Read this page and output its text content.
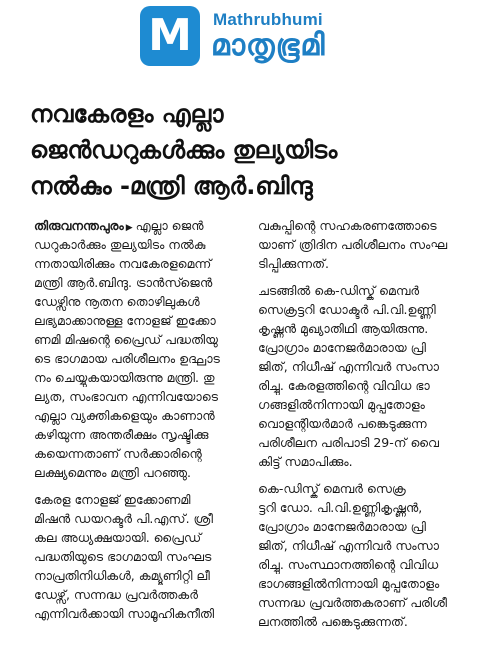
M	Mathrubhumi
മാതൃഭൂമി
നവകേരളം എല്ലാ
ജെൻഡറുകൾക്കും തുല്യയിടം
നൽകും -മന്ത്രി ആർ.ബിന്ദു
തിരുവനന്തപുരം ▶ എല്ലാ ജെൻ
ഡറുകാർക്കും തുല്യയിടം നൽകു
ന്നതായിരിക്കും നവകേരളമെന്ന്
മന്ത്രി ആർ.ബിന്ദു. ട്രാൻസ്ജെൻ
ഡേഴ്സിനു നൂതന തൊഴിലുകൾ
ലഭ്യമാക്കാനുള്ള നോളജ് ഇക്കോ
ണമി മിഷന്റെ പ്രൈഡ് പദ്ധതിയു
ടെ ഭാഗമായ പരിശീലനം ഉദ്ഘാട
നം ചെയ്യുകയായിരുന്നു മന്ത്രി. തു
ല്യത, സംഭാവന എന്നിവയോടെ
എല്ലാ വ്യക്തികളെയും കാണാൻ
കഴിയുന്ന അന്തരീക്ഷം സൃഷ്ടിക്കു
കയെന്നതാണ് സർക്കാരിന്റെ
ലക്ഷ്യമെന്നും മന്ത്രി പറഞ്ഞു.
കേരള നോളജ് ഇക്കോണമി
മിഷൻ ഡയറക്ടർ പി.എസ്. ശ്രീ
കല അധ്യക്ഷയായി. പ്രൈഡ്
പദ്ധതിയുടെ ഭാഗമായി സംഘട
നാപ്രതിനിധികൾ, കമ്യൂണിറ്റി ലീ
ഡേഴ്സ്, സന്നദ്ധ പ്രവർത്തകർ
എന്നിവർക്കായി സാമൂഹികനീതി
വകുപ്പിന്റെ സഹകരണത്തോടെ
യാണ് ത്രിദിന പരിശീലനം സംഘ
ടിപ്പിക്കുന്നത്.
ചടങ്ങിൽ കെ-ഡിസ്ക് മെമ്പർ
സെക്രട്ടറി ഡോക്ടർ പി.വി.ഉണ്ണി
കൃഷ്ണൻ മുഖ്യാതിഥി ആയിരുന്നു.
പ്രോഗ്രാം മാനേജർമാരായ പ്രി
ജിത്, നിധീഷ് എന്നിവർ സംസാ
രിച്ചു. കേരളത്തിന്റെ വിവിധ ഭാ
ഗങ്ങളിൽനിന്നായി മുപ്പതോളം
വൊളന്റിയർമാർ പങ്കെടുക്കുന്ന
പരിശീലന പരിപാടി 29-ന് വൈ
കിട്ട് സമാപിക്കും.
കെ-ഡിസ്ക് മെമ്പർ സെക്ര
ട്ടറി ഡോ. പി.വി.ഉണ്ണികൃഷ്ണൻ,
പ്രോഗ്രാം മാനേജർമാരായ പ്രി
ജിത്, നിധീഷ് എന്നിവർ സംസാ
രിച്ചു. സംസ്ഥാനത്തിന്റെ വിവിധ
ഭാഗങ്ങളിൽനിന്നായി മുപ്പതോളം
സന്നദ്ധ പ്രവർത്തകരാണ് പരിശീ
ലനത്തിൽ പങ്കെടുക്കുന്നത്.
